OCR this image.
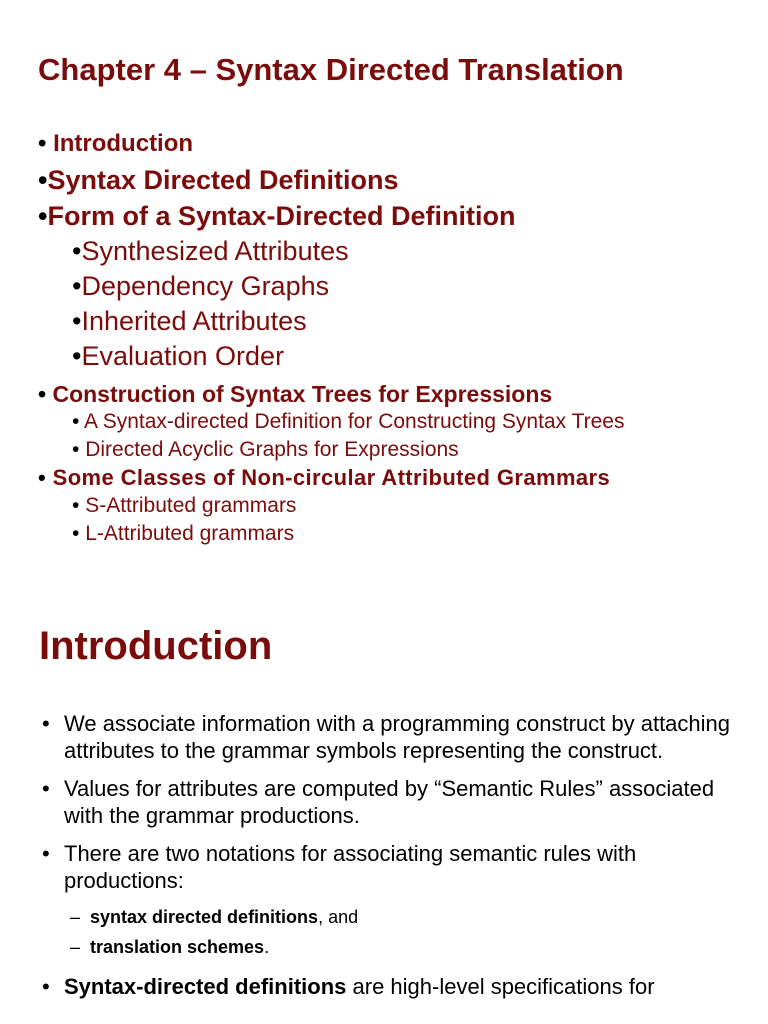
Chapter 4 – Syntax Directed Translation
• Introduction
•Syntax Directed Definitions
•Form of a Syntax-Directed Definition
•Synthesized Attributes
•Dependency Graphs
•Inherited Attributes
•Evaluation Order
• Construction of Syntax Trees for Expressions
• A Syntax-directed Definition for Constructing Syntax Trees
• Directed Acyclic Graphs for Expressions
• Some Classes of Non-circular Attributed Grammars
• S-Attributed grammars
• L-Attributed grammars
Introduction
• We associate information with a programming construct by attaching attributes to the grammar symbols representing the construct.
• Values for attributes are computed by “Semantic Rules” associated with the grammar productions.
• There are two notations for associating semantic rules with productions:
– syntax directed definitions, and
– translation schemes.
• Syntax-directed definitions are high-level specifications for
